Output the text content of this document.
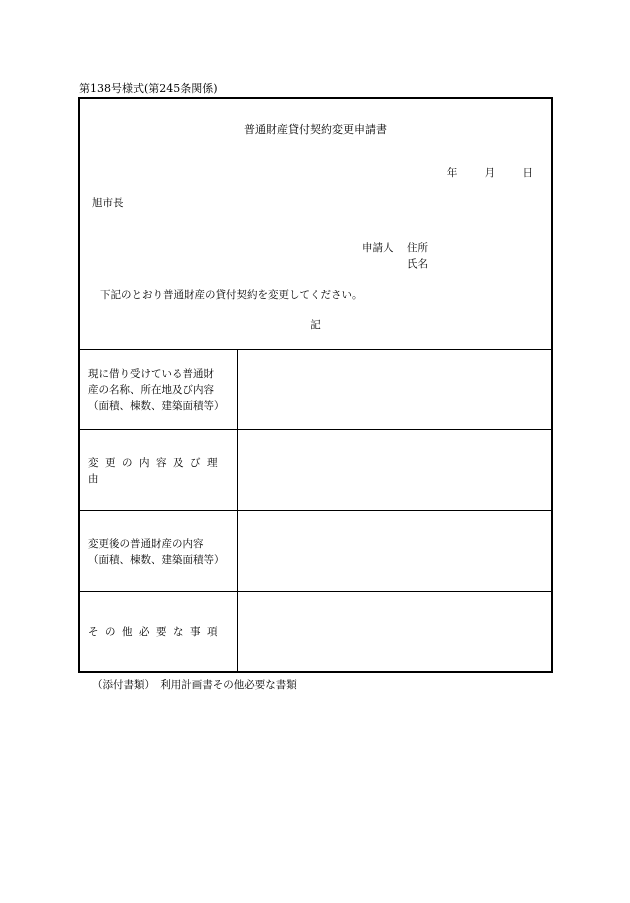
第138号様式(第245条関係)
普通財産貸付契約変更申請書
年	月	日
旭市長
申請人 住所
氏名
下記のとおり普通財産の貸付契約を変更してください。
記
現に借り受けている普通財
産の名称、所在地及び内容
（面積、棟数、建築面積等）
変更の内容及び理由
変更後の普通財産の内容
（面積、棟数、建築面積等）
その他必要な事項
（添付書類）　利用計画書その他必要な書類
